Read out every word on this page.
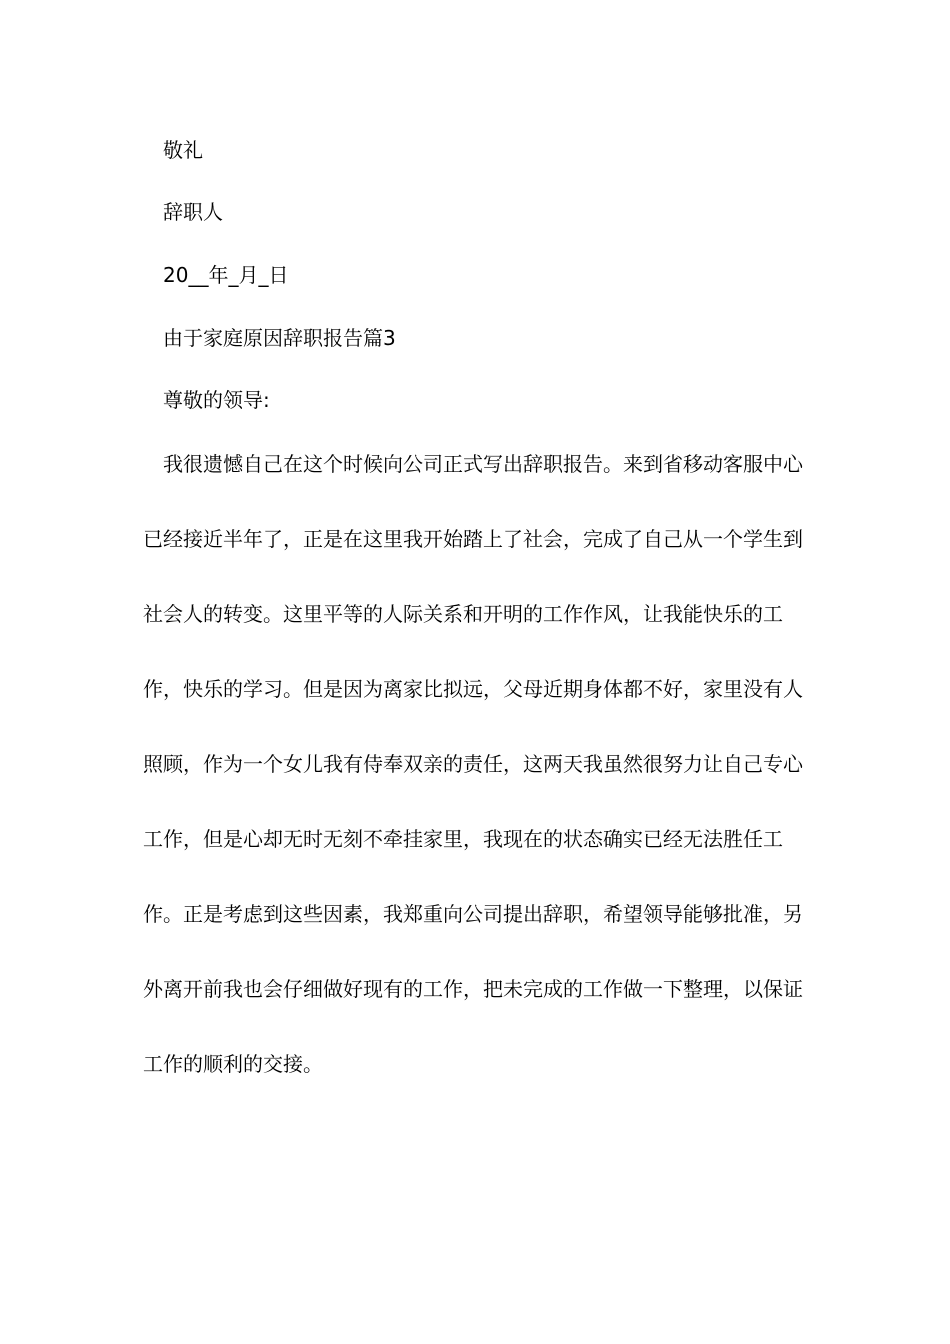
敬礼
辞职人
20__年_月_日
由于家庭原因辞职报告篇3
尊敬的领导:

我很遗憾自己在这个时候向公司正式写出辞职报告。来到省移动客服中心已经接近半年了，正是在这里我开始踏上了社会，完成了自己从一个学生到社会人的转变。这里平等的人际关系和开明的工作作风，让我能快乐的工作，快乐的学习。但是因为离家比拟远，父母近期身体都不好，家里没有人照顾，作为一个女儿我有侍奉双亲的责任，这两天我虽然很努力让自己专心工作，但是心却无时无刻不牵挂家里，我现在的状态确实已经无法胜任工作。正是考虑到这些因素，我郑重向公司提出辞职，希望领导能够批准，另外离开前我也会仔细做好现有的工作，把未完成的工作做一下整理，以保证工作的顺利的交接。
